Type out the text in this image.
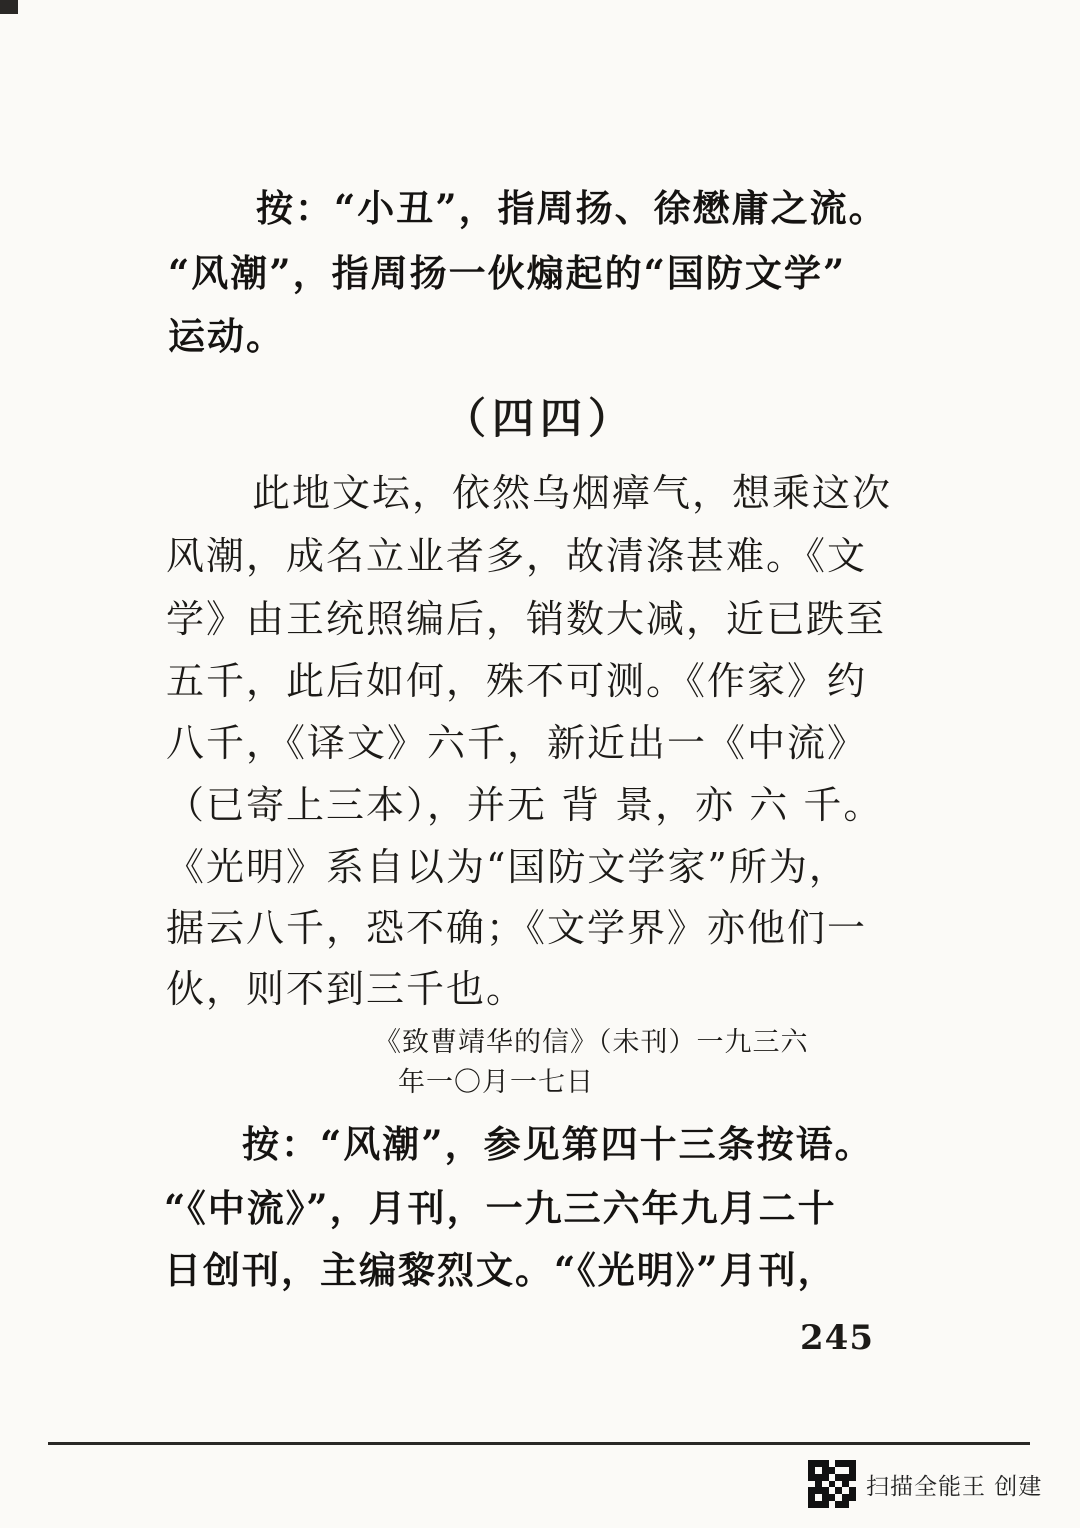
按：“小丑”，指周扬、徐懋庸之流。
“风潮”，指周扬一伙煽起的“国防文学”
运动。
（四四）
此地文坛，依然乌烟瘴气，想乘这次
风潮，成名立业者多，故清涤甚难。《文
学》由王统照编后，销数大减，近已跌至
五千，此后如何，殊不可测。《作家》约
八千，《译文》六千，新近出一《中流》
（已寄上三本），并无 背 景，亦 六 千。
《光明》系自以为“国防文学家”所为，
据云八千，恐不确；《文学界》亦他们一
伙，则不到三千也。
《致曹靖华的信》（未刊）一九三六
年一〇月一七日
按：“风潮”，参见第四十三条按语。
“《中流》”，月刊，一九三六年九月二十
日创刊，主编黎烈文。“《光明》”月刊，
245
扫描全能王 创建
